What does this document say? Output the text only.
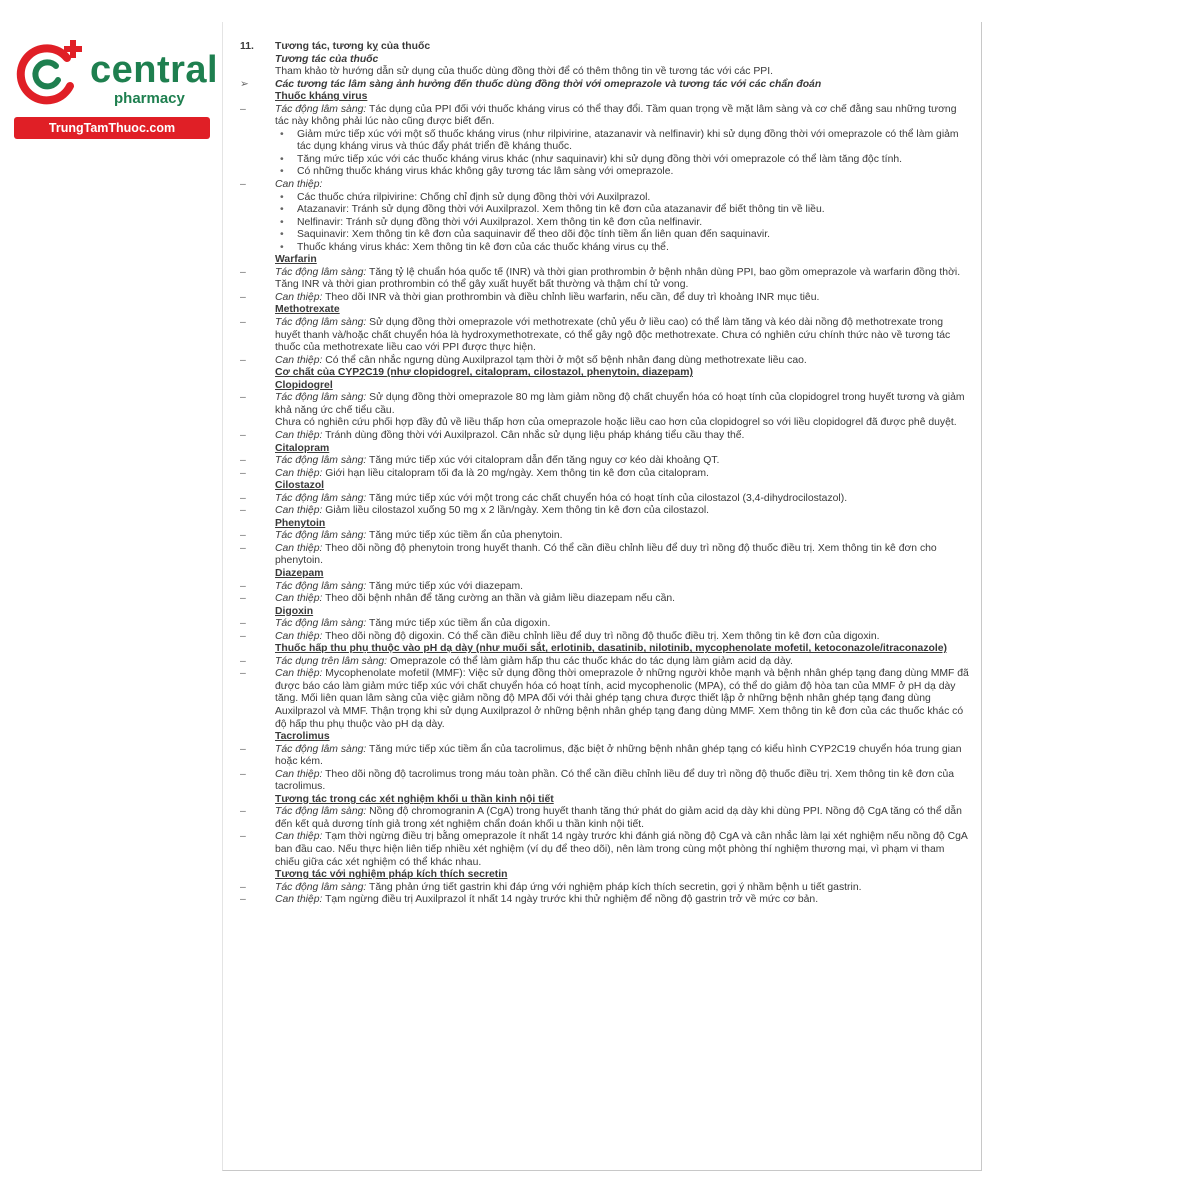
central
pharmacy
TrungTamThuoc.com
11. Tương tác, tương kỵ của thuốc
Tương tác của thuốc
Tham khảo tờ hướng dẫn sử dụng của thuốc dùng đồng thời để có thêm thông tin về tương tác với các PPI.
➢	Các tương tác lâm sàng ảnh hưởng đến thuốc dùng đồng thời với omeprazole và tương tác với các chẩn đoán
Thuốc kháng virus
–	Tác động lâm sàng: Tác dụng của PPI đối với thuốc kháng virus có thể thay đổi. Tầm quan trọng về mặt lâm sàng và cơ chế đằng sau những tương tác này không phải lúc nào cũng được biết đến.
•	Giảm mức tiếp xúc với một số thuốc kháng virus (như rilpivirine, atazanavir và nelfinavir) khi sử dụng đồng thời với omeprazole có thể làm giảm tác dụng kháng virus và thúc đẩy phát triển đề kháng thuốc.
•	Tăng mức tiếp xúc với các thuốc kháng virus khác (như saquinavir) khi sử dụng đồng thời với omeprazole có thể làm tăng độc tính.
•	Có những thuốc kháng virus khác không gây tương tác lâm sàng với omeprazole.
–	Can thiệp:
•	Các thuốc chứa rilpivirine: Chống chỉ định sử dụng đồng thời với Auxilprazol.
•	Atazanavir: Tránh sử dụng đồng thời với Auxilprazol. Xem thông tin kê đơn của atazanavir để biết thông tin về liều.
•	Nelfinavir: Tránh sử dụng đồng thời với Auxilprazol. Xem thông tin kê đơn của nelfinavir.
•	Saquinavir: Xem thông tin kê đơn của saquinavir để theo dõi độc tính tiềm ẩn liên quan đến saquinavir.
•	Thuốc kháng virus khác: Xem thông tin kê đơn của các thuốc kháng virus cụ thể.
Warfarin
–	Tác động lâm sàng: Tăng tỷ lệ chuẩn hóa quốc tế (INR) và thời gian prothrombin ở bệnh nhân dùng PPI, bao gồm omeprazole và warfarin đồng thời. Tăng INR và thời gian prothrombin có thể gây xuất huyết bất thường và thậm chí tử vong.
–	Can thiệp: Theo dõi INR và thời gian prothrombin và điều chỉnh liều warfarin, nếu cần, để duy trì khoảng INR mục tiêu.
Methotrexate
–	Tác động lâm sàng: Sử dụng đồng thời omeprazole với methotrexate (chủ yếu ở liều cao) có thể làm tăng và kéo dài nồng độ methotrexate trong huyết thanh và/hoặc chất chuyển hóa là hydroxymethotrexate, có thể gây ngộ độc methotrexate. Chưa có nghiên cứu chính thức nào về tương tác thuốc của methotrexate liều cao với PPI được thực hiện.
–	Can thiệp: Có thể cân nhắc ngưng dùng Auxilprazol tạm thời ở một số bệnh nhân đang dùng methotrexate liều cao.
Cơ chất của CYP2C19 (như clopidogrel, citalopram, cilostazol, phenytoin, diazepam)
Clopidogrel
–	Tác động lâm sàng: Sử dụng đồng thời omeprazole 80 mg làm giảm nồng độ chất chuyển hóa có hoạt tính của clopidogrel trong huyết tương và giảm khả năng ức chế tiểu cầu.
Chưa có nghiên cứu phối hợp đầy đủ về liều thấp hơn của omeprazole hoặc liều cao hơn của clopidogrel so với liều clopidogrel đã được phê duyệt.
–	Can thiệp: Tránh dùng đồng thời với Auxilprazol. Cân nhắc sử dụng liệu pháp kháng tiểu cầu thay thế.
Citalopram
–	Tác động lâm sàng: Tăng mức tiếp xúc với citalopram dẫn đến tăng nguy cơ kéo dài khoảng QT.
–	Can thiệp: Giới hạn liều citalopram tối đa là 20 mg/ngày. Xem thông tin kê đơn của citalopram.
Cilostazol
–	Tác động lâm sàng: Tăng mức tiếp xúc với một trong các chất chuyển hóa có hoạt tính của cilostazol (3,4-dihydrocilostazol).
–	Can thiệp: Giảm liều cilostazol xuống 50 mg x 2 lần/ngày. Xem thông tin kê đơn của cilostazol.
Phenytoin
–	Tác động lâm sàng: Tăng mức tiếp xúc tiềm ẩn của phenytoin.
–	Can thiệp: Theo dõi nồng độ phenytoin trong huyết thanh. Có thể cần điều chỉnh liều để duy trì nồng độ thuốc điều trị. Xem thông tin kê đơn cho phenytoin.
Diazepam
–	Tác động lâm sàng: Tăng mức tiếp xúc với diazepam.
–	Can thiệp: Theo dõi bệnh nhân để tăng cường an thần và giảm liều diazepam nếu cần.
Digoxin
–	Tác động lâm sàng: Tăng mức tiếp xúc tiềm ẩn của digoxin.
–	Can thiệp: Theo dõi nồng độ digoxin. Có thể cần điều chỉnh liều để duy trì nồng độ thuốc điều trị. Xem thông tin kê đơn của digoxin.
Thuốc hấp thu phụ thuộc vào pH dạ dày (như muối sắt, erlotinib, dasatinib, nilotinib, mycophenolate mofetil, ketoconazole/itraconazole)
–	Tác dụng trên lâm sàng: Omeprazole có thể làm giảm hấp thu các thuốc khác do tác dụng làm giảm acid dạ dày.
–	Can thiệp: Mycophenolate mofetil (MMF): Việc sử dụng đồng thời omeprazole ở những người khỏe mạnh và bệnh nhân ghép tạng đang dùng MMF đã được báo cáo làm giảm mức tiếp xúc với chất chuyển hóa có hoạt tính, acid mycophenolic (MPA), có thể do giảm độ hòa tan của MMF ở pH dạ dày tăng. Mối liên quan lâm sàng của việc giảm nồng độ MPA đối với thải ghép tạng chưa được thiết lập ở những bệnh nhân ghép tạng đang dùng Auxilprazol và MMF. Thận trọng khi sử dụng Auxilprazol ở những bệnh nhân ghép tạng đang dùng MMF. Xem thông tin kê đơn của các thuốc khác có độ hấp thu phụ thuộc vào pH dạ dày.
Tacrolimus
–	Tác động lâm sàng: Tăng mức tiếp xúc tiềm ẩn của tacrolimus, đặc biệt ở những bệnh nhân ghép tạng có kiểu hình CYP2C19 chuyển hóa trung gian hoặc kém.
–	Can thiệp: Theo dõi nồng độ tacrolimus trong máu toàn phần. Có thể cần điều chỉnh liều để duy trì nồng độ thuốc điều trị. Xem thông tin kê đơn của tacrolimus.
Tương tác trong các xét nghiệm khối u thần kinh nội tiết
–	Tác động lâm sàng: Nồng độ chromogranin A (CgA) trong huyết thanh tăng thứ phát do giảm acid dạ dày khi dùng PPI. Nồng độ CgA tăng có thể dẫn đến kết quả dương tính giả trong xét nghiệm chẩn đoán khối u thần kinh nội tiết.
–	Can thiệp: Tạm thời ngừng điều trị bằng omeprazole ít nhất 14 ngày trước khi đánh giá nồng độ CgA và cân nhắc làm lại xét nghiệm nếu nồng độ CgA ban đầu cao. Nếu thực hiện liên tiếp nhiều xét nghiệm (ví dụ để theo dõi), nên làm trong cùng một phòng thí nghiệm thương mại, vì phạm vi tham chiếu giữa các xét nghiệm có thể khác nhau.
Tương tác với nghiệm pháp kích thích secretin
–	Tác động lâm sàng: Tăng phản ứng tiết gastrin khi đáp ứng với nghiệm pháp kích thích secretin, gợi ý nhầm bệnh u tiết gastrin.
–	Can thiệp: Tạm ngừng điều trị Auxilprazol ít nhất 14 ngày trước khi thử nghiệm để nồng độ gastrin trở về mức cơ bản.
